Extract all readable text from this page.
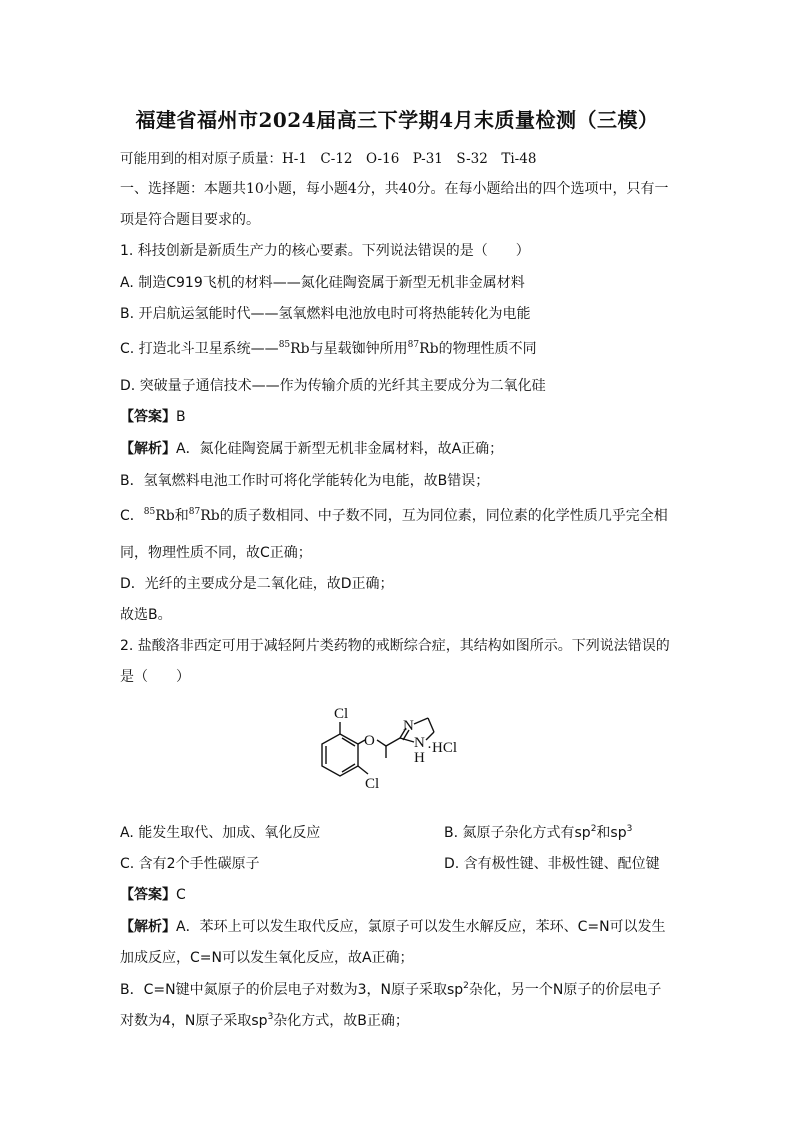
福建省福州市2024届高三下学期4月末质量检测（三模）
可能用到的相对原子质量：H-1　C-12　O-16　P-31　S-32　Ti-48
一、选择题：本题共10小题，每小题4分，共40分。在每小题给出的四个选项中，只有一
项是符合题目要求的。
1. 科技创新是新质生产力的核心要素。下列说法错误的是（　　）
A. 制造C919飞机的材料——氮化硅陶瓷属于新型无机非金属材料
B. 开启航运氢能时代——氢氧燃料电池放电时可将热能转化为电能
C. 打造北斗卫星系统——$^{85}$Rb与星载铷钟所用$^{87}$Rb的物理性质不同
D. 突破量子通信技术——作为传输介质的光纤其主要成分为二氧化硅
【答案】B
【解析】A．氮化硅陶瓷属于新型无机非金属材料，故A正确；
B．氢氧燃料电池工作时可将化学能转化为电能，故B错误；
C．$^{85}$Rb和$^{87}$Rb的质子数相同、中子数不同，互为同位素，同位素的化学性质几乎完全相
同，物理性质不同，故C正确；
D．光纤的主要成分是二氧化硅，故D正确；
故选B。
2. 盐酸洛非西定可用于减轻阿片类药物的戒断综合症，其结构如图所示。下列说法错误的
是（　　）
Cl
Cl
O
N
N
H
·HCl
A. 能发生取代、加成、氧化反应	B. 氮原子杂化方式有$sp^2$和$sp^3$
C. 含有2个手性碳原子	D. 含有极性键、非极性键、配位键
【答案】C
【解析】A．苯环上可以发生取代反应，氯原子可以发生水解反应，苯环、C=N可以发生
加成反应，C=N可以发生氧化反应，故A正确；
B．C=N键中氮原子的价层电子对数为3，N原子采取$sp^2$杂化，另一个N原子的价层电子
对数为4，N原子采取$sp^3$杂化方式，故B正确；
